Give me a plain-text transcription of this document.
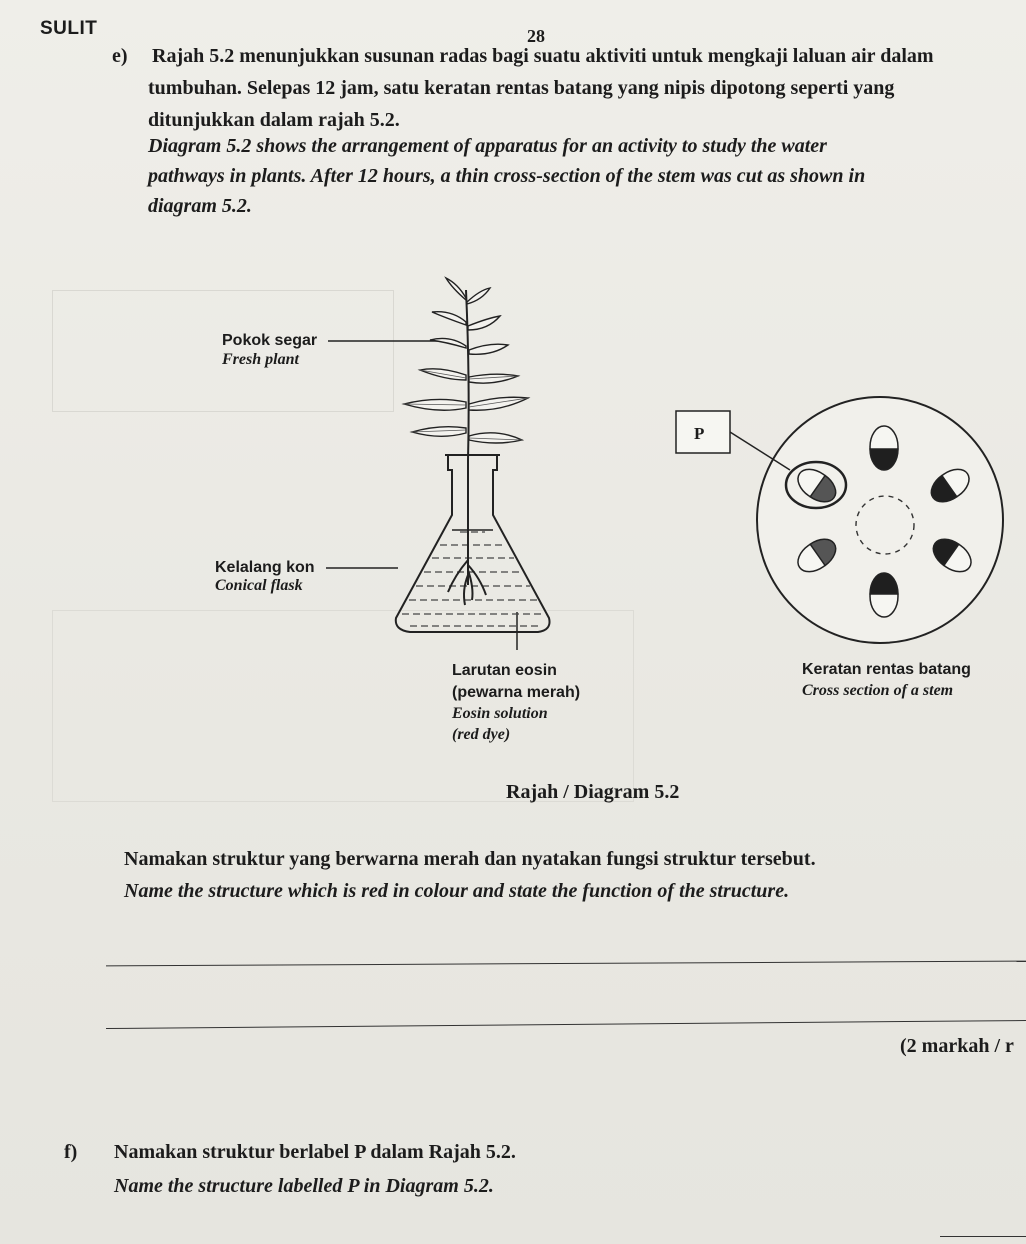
SULIT	28
e) Rajah 5.2 menunjukkan susunan radas bagi suatu aktiviti untuk mengkaji laluan air dalam
tumbuhan. Selepas 12 jam, satu keratan rentas batang yang nipis dipotong seperti yang
ditunjukkan dalam rajah 5.2.
Diagram 5.2 shows the arrangement of apparatus for an activity to study the water
pathways in plants. After 12 hours, a thin cross-section of the stem was cut as shown in
diagram 5.2.
Pokok segar
Fresh plant
Kelalang kon
Conical flask
Larutan eosin
(pewarna merah)
Eosin solution
(red dye)
P
Keratan rentas batang
Cross section of a stem
Rajah / Diagram 5.2
Namakan struktur yang berwarna merah dan nyatakan fungsi struktur tersebut.
Name the structure which is red in colour and state the function of the structure.
(2 markah / r
f) Namakan struktur berlabel P dalam Rajah 5.2.
Name the structure labelled P in Diagram 5.2.
